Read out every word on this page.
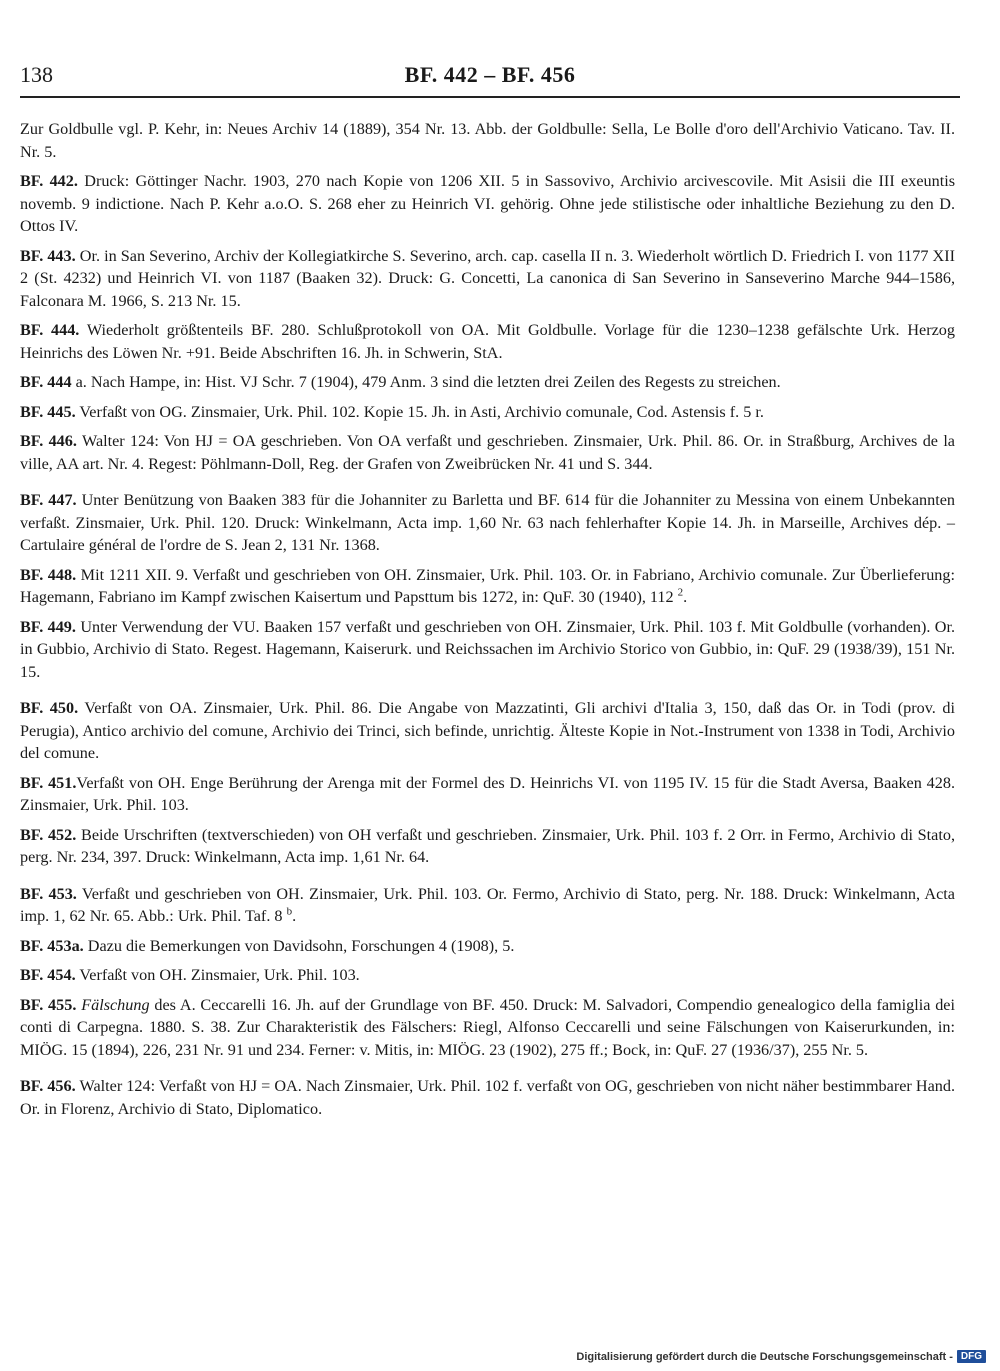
138	BF. 442 – BF. 456

Zur Goldbulle vgl. P. Kehr, in: Neues Archiv 14 (1889), 354 Nr. 13. Abb. der Goldbulle: Sella, Le Bolle d'oro dell'Archivio Vaticano. Tav. II. Nr. 5.

BF. 442. Druck: Göttinger Nachr. 1903, 270 nach Kopie von 1206 XII. 5 in Sassovivo, Archivio arcivescovile. Mit Asisii die III exeuntis novemb. 9 indictione. Nach P. Kehr a.o.O. S. 268 eher zu Heinrich VI. gehörig. Ohne jede stilistische oder inhaltliche Beziehung zu den D. Ottos IV.

BF. 443. Or. in San Severino, Archiv der Kollegiatkirche S. Severino, arch. cap. casella II n. 3. Wiederholt wörtlich D. Friedrich I. von 1177 XII 2 (St. 4232) und Heinrich VI. von 1187 (Baaken 32). Druck: G. Concetti, La canonica di San Severino in Sanseverino Marche 944–1586, Falconara M. 1966, S. 213 Nr. 15.

BF. 444. Wiederholt größtenteils BF. 280. Schlußprotokoll von OA. Mit Goldbulle. Vorlage für die 1230–1238 gefälschte Urk. Herzog Heinrichs des Löwen Nr. +91. Beide Abschriften 16. Jh. in Schwerin, StA.

BF. 444 a. Nach Hampe, in: Hist. VJ Schr. 7 (1904), 479 Anm. 3 sind die letzten drei Zeilen des Regests zu streichen.

BF. 445. Verfaßt von OG. Zinsmaier, Urk. Phil. 102. Kopie 15. Jh. in Asti, Archivio comunale, Cod. Astensis f. 5 r.

BF. 446. Walter 124: Von HJ = OA geschrieben. Von OA verfaßt und geschrieben. Zinsmaier, Urk. Phil. 86. Or. in Straßburg, Archives de la ville, AA art. Nr. 4. Regest: Pöhlmann-Doll, Reg. der Grafen von Zweibrücken Nr. 41 und S. 344.

BF. 447. Unter Benützung von Baaken 383 für die Johanniter zu Barletta und BF. 614 für die Johanniter zu Messina von einem Unbekannten verfaßt. Zinsmaier, Urk. Phil. 120. Druck: Winkelmann, Acta imp. 1,60 Nr. 63 nach fehlerhafter Kopie 14. Jh. in Marseille, Archives dép. – Cartulaire général de l'ordre de S. Jean 2, 131 Nr. 1368.

BF. 448. Mit 1211 XII. 9. Verfaßt und geschrieben von OH. Zinsmaier, Urk. Phil. 103. Or. in Fabriano, Archivio comunale. Zur Überlieferung: Hagemann, Fabriano im Kampf zwischen Kaisertum und Papsttum bis 1272, in: QuF. 30 (1940), 112 $^2$.

BF. 449. Unter Verwendung der VU. Baaken 157 verfaßt und geschrieben von OH. Zinsmaier, Urk. Phil. 103 f. Mit Goldbulle (vorhanden). Or. in Gubbio, Archivio di Stato. Regest. Hagemann, Kaiserurk. und Reichssachen im Archivio Storico von Gubbio, in: QuF. 29 (1938/39), 151 Nr. 15.

BF. 450. Verfaßt von OA. Zinsmaier, Urk. Phil. 86. Die Angabe von Mazzatinti, Gli archivi d'Italia 3, 150, daß das Or. in Todi (prov. di Perugia), Antico archivio del comune, Archivio dei Trinci, sich befinde, unrichtig. Älteste Kopie in Not.-Instrument von 1338 in Todi, Archivio del comune.

BF. 451.Verfaßt von OH. Enge Berührung der Arenga mit der Formel des D. Heinrichs VI. von 1195 IV. 15 für die Stadt Aversa, Baaken 428. Zinsmaier, Urk. Phil. 103.

BF. 452. Beide Urschriften (textverschieden) von OH verfaßt und geschrieben. Zinsmaier, Urk. Phil. 103 f. 2 Orr. in Fermo, Archivio di Stato, perg. Nr. 234, 397. Druck: Winkelmann, Acta imp. 1,61 Nr. 64.

BF. 453. Verfaßt und geschrieben von OH. Zinsmaier, Urk. Phil. 103. Or. Fermo, Archivio di Stato, perg. Nr. 188. Druck: Winkelmann, Acta imp. 1, 62 Nr. 65. Abb.: Urk. Phil. Taf. 8 $^b$.

BF. 453a. Dazu die Bemerkungen von Davidsohn, Forschungen 4 (1908), 5.

BF. 454. Verfaßt von OH. Zinsmaier, Urk. Phil. 103.

BF. 455. Fälschung des A. Ceccarelli 16. Jh. auf der Grundlage von BF. 450. Druck: M. Salvadori, Compendio genealogico della famiglia dei conti di Carpegna. 1880. S. 38. Zur Charakteristik des Fälschers: Riegl, Alfonso Ceccarelli und seine Fälschungen von Kaiserurkunden, in: MIÖG. 15 (1894), 226, 231 Nr. 91 und 234. Ferner: v. Mitis, in: MIÖG. 23 (1902), 275 ff.; Bock, in: QuF. 27 (1936/37), 255 Nr. 5.

BF. 456. Walter 124: Verfaßt von HJ = OA. Nach Zinsmaier, Urk. Phil. 102 f. verfaßt von OG, geschrieben von nicht näher bestimmbarer Hand. Or. in Florenz, Archivio di Stato, Diplomatico.

Digitalisierung gefördert durch die Deutsche Forschungsgemeinschaft - DFG
